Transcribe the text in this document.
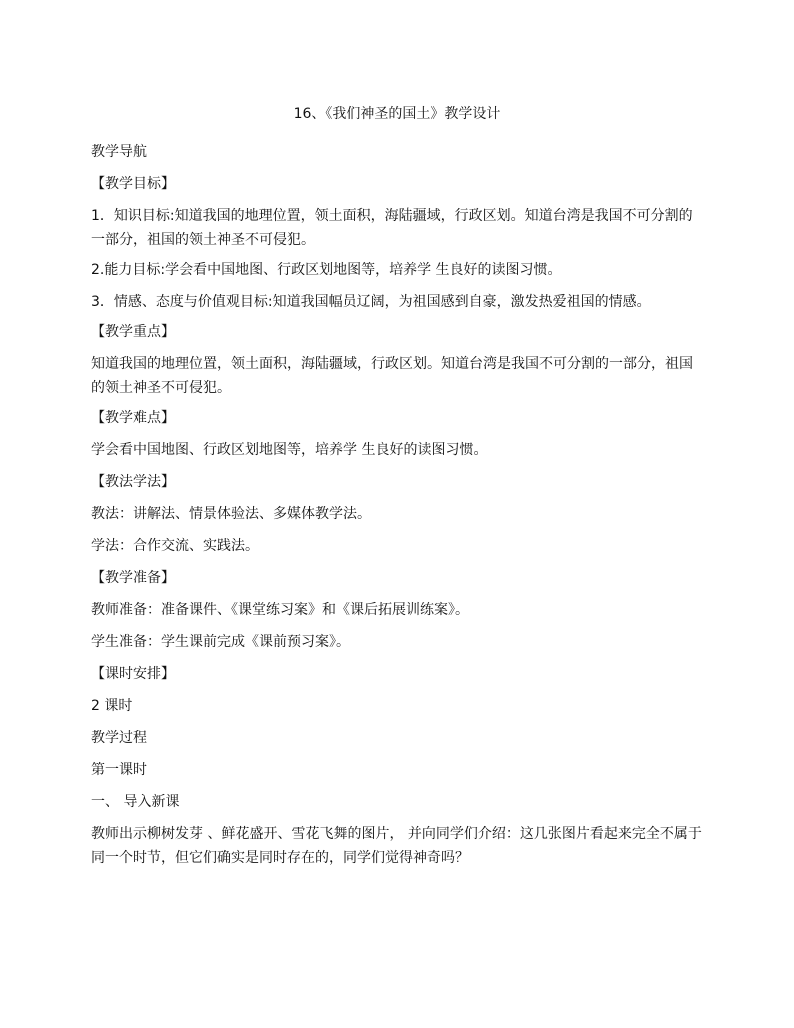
16、《我们神圣的国土》教学设计

教学导航

【教学目标】

1．知识目标:知道我国的地理位置，领土面积，海陆疆域，行政区划。知道台湾是我国不可分割的一部分，祖国的领土神圣不可侵犯。

2.能力目标:学会看中国地图、行政区划地图等，培养学 生良好的读图习惯。

3．情感、态度与价值观目标:知道我国幅员辽阔，为祖国感到自豪，激发热爱祖国的情感。

【教学重点】

知道我国的地理位置，领土面积，海陆疆域，行政区划。知道台湾是我国不可分割的一部分，祖国的领土神圣不可侵犯。

【教学难点】

学会看中国地图、行政区划地图等，培养学 生良好的读图习惯。

【教法学法】

教法：讲解法、情景体验法、多媒体教学法。

学法：合作交流、实践法。

【教学准备】

教师准备：准备课件、《课堂练习案》和《课后拓展训练案》。

学生准备：学生课前完成《课前预习案》。

【课时安排】

2 课时

教学过程

第一课时

一、 导入新课

教师出示柳树发芽 、鲜花盛开、雪花飞舞的图片， 并向同学们介绍：这几张图片看起来完全不属于同一个时节，但它们确实是同时存在的，同学们觉得神奇吗？
